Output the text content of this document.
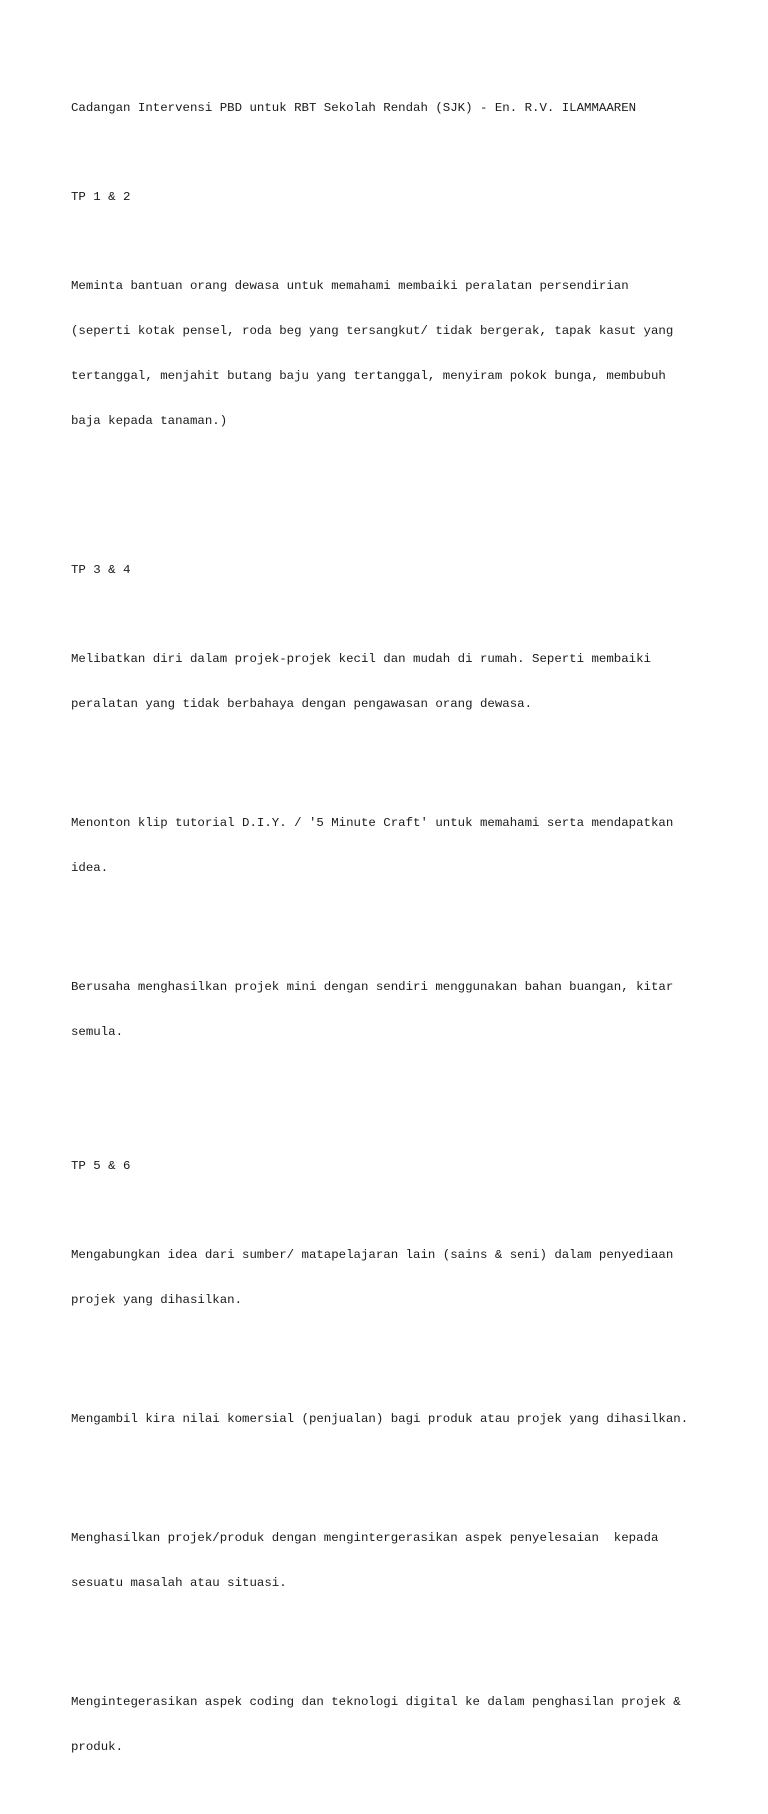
Cadangan Intervensi PBD untuk RBT Sekolah Rendah (SJK) - En. R.V. ILAMMAAREN

TP 1 & 2

Meminta bantuan orang dewasa untuk memahami membaiki peralatan persendirian

(seperti kotak pensel, roda beg yang tersangkut/ tidak bergerak, tapak kasut yang

tertanggal, menjahit butang baju yang tertanggal, menyiram pokok bunga, membubuh

baja kepada tanaman.)

TP 3 & 4

Melibatkan diri dalam projek-projek kecil dan mudah di rumah. Seperti membaiki

peralatan yang tidak berbahaya dengan pengawasan orang dewasa.

Menonton klip tutorial D.I.Y. / '5 Minute Craft' untuk memahami serta mendapatkan

idea.

Berusaha menghasilkan projek mini dengan sendiri menggunakan bahan buangan, kitar

semula.

TP 5 & 6

Mengabungkan idea dari sumber/ matapelajaran lain (sains & seni) dalam penyediaan

projek yang dihasilkan.

Mengambil kira nilai komersial (penjualan) bagi produk atau projek yang dihasilkan.

Menghasilkan projek/produk dengan mengintergerasikan aspek penyelesaian  kepada

sesuatu masalah atau situasi.

Mengintegerasikan aspek coding dan teknologi digital ke dalam penghasilan projek &

produk.
